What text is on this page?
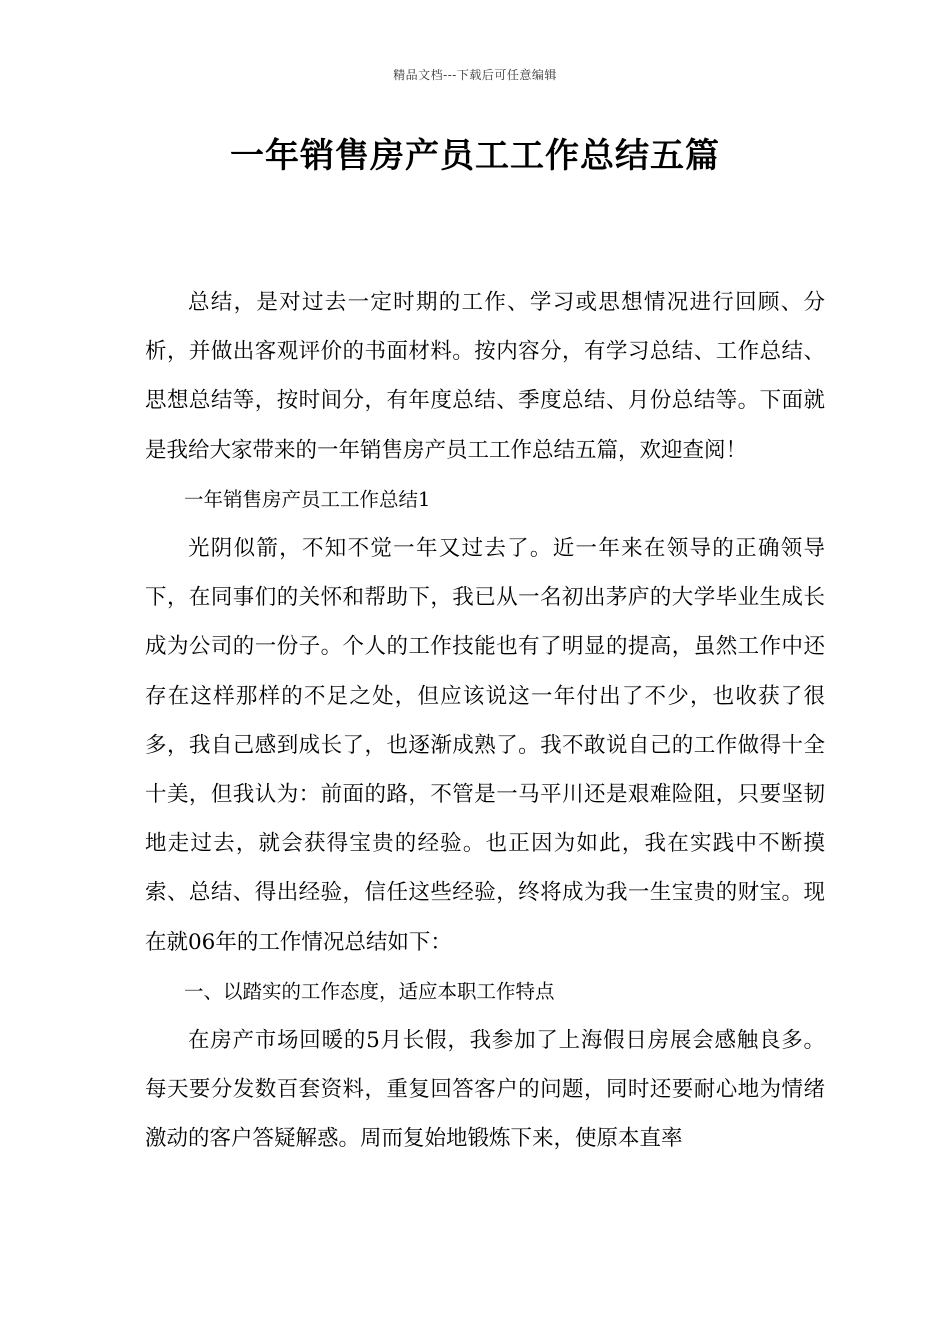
精品文档---下载后可任意编辑
一年销售房产员工工作总结五篇

总结，是对过去一定时期的工作、学习或思想情况进行回顾、分析，并做出客观评价的书面材料。按内容分，有学习总结、工作总结、思想总结等，按时间分，有年度总结、季度总结、月份总结等。下面就是我给大家带来的一年销售房产员工工作总结五篇，欢迎查阅！

一年销售房产员工工作总结1

光阴似箭，不知不觉一年又过去了。近一年来在领导的正确领导下，在同事们的关怀和帮助下，我已从一名初出茅庐的大学毕业生成长成为公司的一份子。个人的工作技能也有了明显的提高，虽然工作中还存在这样那样的不足之处，但应该说这一年付出了不少，也收获了很多，我自己感到成长了，也逐渐成熟了。我不敢说自己的工作做得十全十美，但我认为：前面的路，不管是一马平川还是艰难险阻，只要坚韧地走过去，就会获得宝贵的经验。也正因为如此，我在实践中不断摸索、总结、得出经验，信任这些经验，终将成为我一生宝贵的财宝。现在就06年的工作情况总结如下：

一、以踏实的工作态度，适应本职工作特点

在房产市场回暖的5月长假，我参加了上海假日房展会感触良多。每天要分发数百套资料，重复回答客户的问题，同时还要耐心地为情绪激动的客户答疑解惑。周而复始地锻炼下来，使原本直率
